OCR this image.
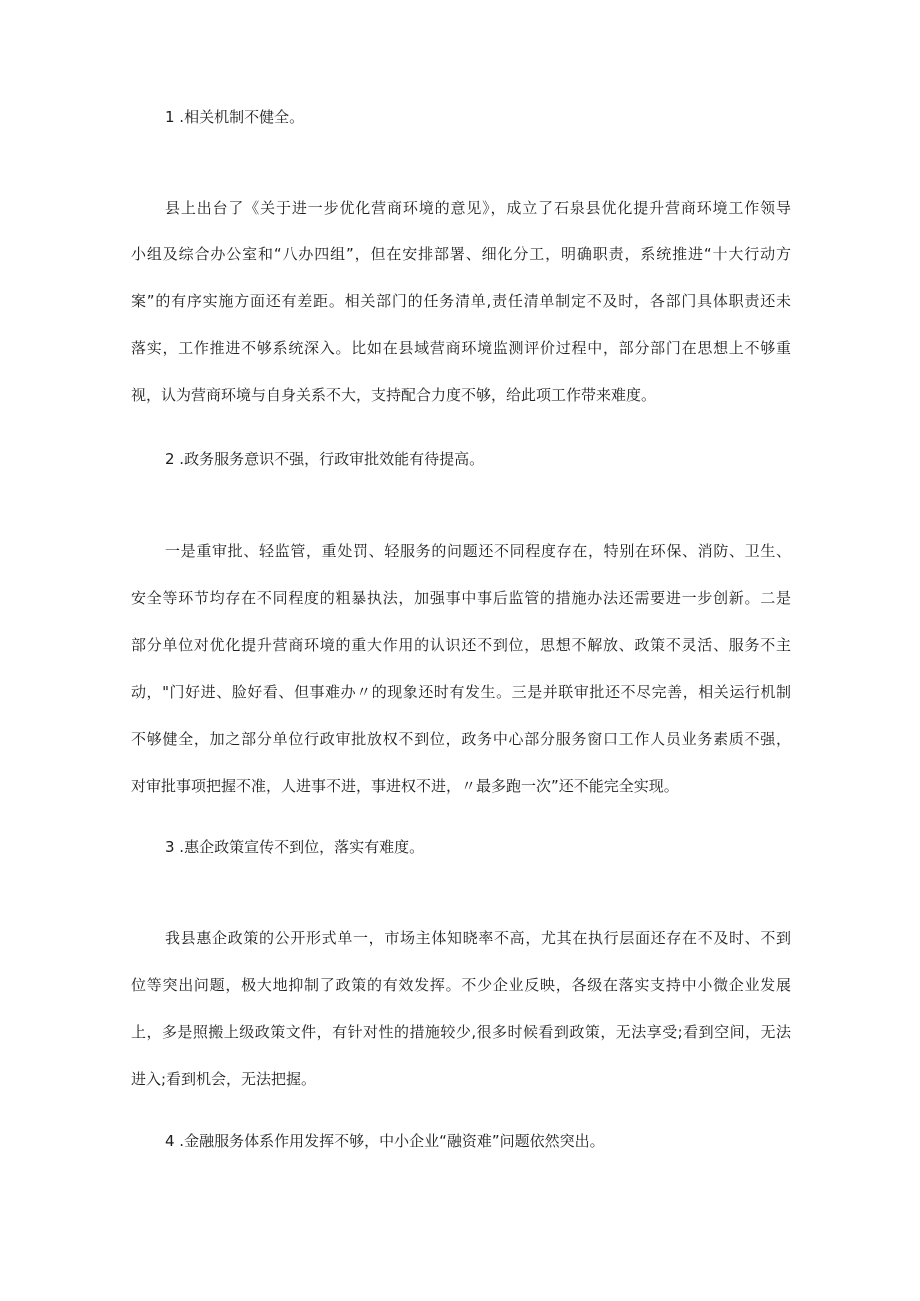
1 .相关机制不健全。
县上出台了《关于进一步优化营商环境的意见》，成立了石泉县优化提升营商环境工作领导
小组及综合办公室和“八办四组”，但在安排部署、细化分工，明确职责，系统推进“十大行动方
案”的有序实施方面还有差距。相关部门的任务清单,责任清单制定不及时，各部门具体职责还未
落实，工作推进不够系统深入。比如在县域营商环境监测评价过程中，部分部门在思想上不够重
视，认为营商环境与自身关系不大，支持配合力度不够，给此项工作带来难度。
2 .政务服务意识不强，行政审批效能有待提高。
一是重审批、轻监管，重处罚、轻服务的问题还不同程度存在，特别在环保、消防、卫生、
安全等环节均存在不同程度的粗暴执法，加强事中事后监管的措施办法还需要进一步创新。二是
部分单位对优化提升营商环境的重大作用的认识还不到位，思想不解放、政策不灵活、服务不主
动，"门好进、脸好看、但事难办〃的现象还时有发生。三是并联审批还不尽完善，相关运行机制
不够健全，加之部分单位行政审批放权不到位，政务中心部分服务窗口工作人员业务素质不强，
对审批事项把握不准，人进事不进，事进权不进，〃最多跑一次”还不能完全实现。
3 .惠企政策宣传不到位，落实有难度。
我县惠企政策的公开形式单一，市场主体知晓率不高，尤其在执行层面还存在不及时、不到
位等突出问题，极大地抑制了政策的有效发挥。不少企业反映，各级在落实支持中小微企业发展
上，多是照搬上级政策文件，有针对性的措施较少,很多时候看到政策，无法享受;看到空间，无法
进入;看到机会，无法把握。
4 .金融服务体系作用发挥不够，中小企业“融资难”问题依然突出。
